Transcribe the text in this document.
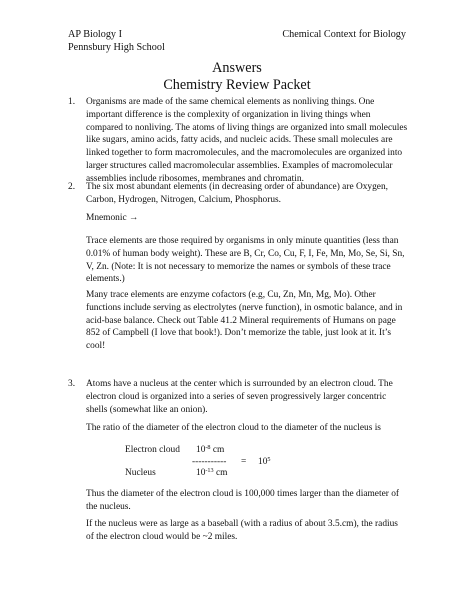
AP Biology I
Pennsbury High School
Chemical Context for Biology
Answers
Chemistry Review Packet
1. Organisms are made of the same chemical elements as nonliving things. One important difference is the complexity of organization in living things when compared to nonliving. The atoms of living things are organized into small molecules like sugars, amino acids, fatty acids, and nucleic acids. These small molecules are linked together to form macromolecules, and the macromolecules are organized into larger structures called macromolecular assemblies. Examples of macromolecular assemblies include ribosomes, membranes and chromatin.
2. The six most abundant elements (in decreasing order of abundance) are Oxygen, Carbon, Hydrogen, Nitrogen, Calcium, Phosphorus.
Mnemonic →
Trace elements are those required by organisms in only minute quantities (less than 0.01% of human body weight). These are B, Cr, Co, Cu, F, I, Fe, Mn, Mo, Se, Si, Sn, V, Zn. (Note: It is not necessary to memorize the names or symbols of these trace elements.)
Many trace elements are enzyme cofactors (e.g, Cu, Zn, Mn, Mg, Mo). Other functions include serving as electrolytes (nerve function), in osmotic balance, and in acid-base balance. Check out Table 41.2 Mineral requirements of Humans on page 852 of Campbell (I love that book!). Don’t memorize the table, just look at it. It’s cool!
3. Atoms have a nucleus at the center which is surrounded by an electron cloud. The electron cloud is organized into a series of seven progressively larger concentric shells (somewhat like an onion).
The ratio of the diameter of the electron cloud to the diameter of the nucleus is
Electron cloud $10^{-8}$ cm
----------- = $10^5$
Nucleus	$10^{-13}$ cm
Thus the diameter of the electron cloud is 100,000 times larger than the diameter of the nucleus.
If the nucleus were as large as a baseball (with a radius of about 3.5.cm), the radius of the electron cloud would be ~2 miles.
